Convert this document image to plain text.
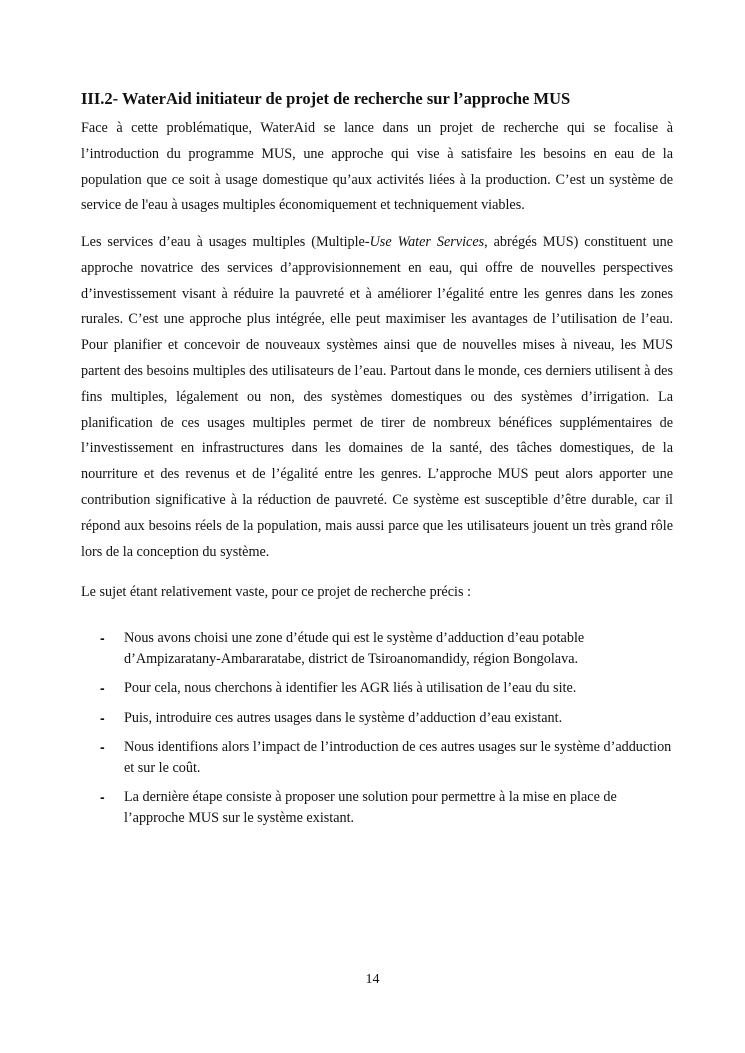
III.2- WaterAid initiateur de projet de recherche sur l’approche MUS

Face à cette problématique, WaterAid se lance dans un projet de recherche qui se focalise à l’introduction du programme MUS, une approche qui vise à satisfaire les besoins en eau de la population que ce soit à usage domestique qu’aux activités liées à la production. C’est un système de service de l'eau à usages multiples économiquement et techniquement viables.

Les services d’eau à usages multiples (Multiple-Use Water Services, abrégés MUS) constituent une approche novatrice des services d’approvisionnement en eau, qui offre de nouvelles perspectives d’investissement visant à réduire la pauvreté et à améliorer l’égalité entre les genres dans les zones rurales. C’est une approche plus intégrée, elle peut maximiser les avantages de l’utilisation de l’eau. Pour planifier et concevoir de nouveaux systèmes ainsi que de nouvelles mises à niveau, les MUS partent des besoins multiples des utilisateurs de l’eau. Partout dans le monde, ces derniers utilisent à des fins multiples, légalement ou non, des systèmes domestiques ou des systèmes d’irrigation. La planification de ces usages multiples permet de tirer de nombreux bénéfices supplémentaires de l’investissement en infrastructures dans les domaines de la santé, des tâches domestiques, de la nourriture et des revenus et de l’égalité entre les genres. L’approche MUS peut alors apporter une contribution significative à la réduction de pauvreté. Ce système est susceptible d’être durable, car il répond aux besoins réels de la population, mais aussi parce que les utilisateurs jouent un très grand rôle lors de la conception du système.

Le sujet étant relativement vaste, pour ce projet de recherche précis :

- Nous avons choisi une zone d’étude qui est le système d’adduction d’eau potable d’Ampizaratany-Ambararatabe, district de Tsiroanomandidy, région Bongolava.
- Pour cela, nous cherchons à identifier les AGR liés à utilisation de l’eau du site.
- Puis, introduire ces autres usages dans le système d’adduction d’eau existant.
- Nous identifions alors l’impact de l’introduction de ces autres usages sur le système d’adduction et sur le coût.
- La dernière étape consiste à proposer une solution pour permettre à la mise en place de l’approche MUS sur le système existant.

14
